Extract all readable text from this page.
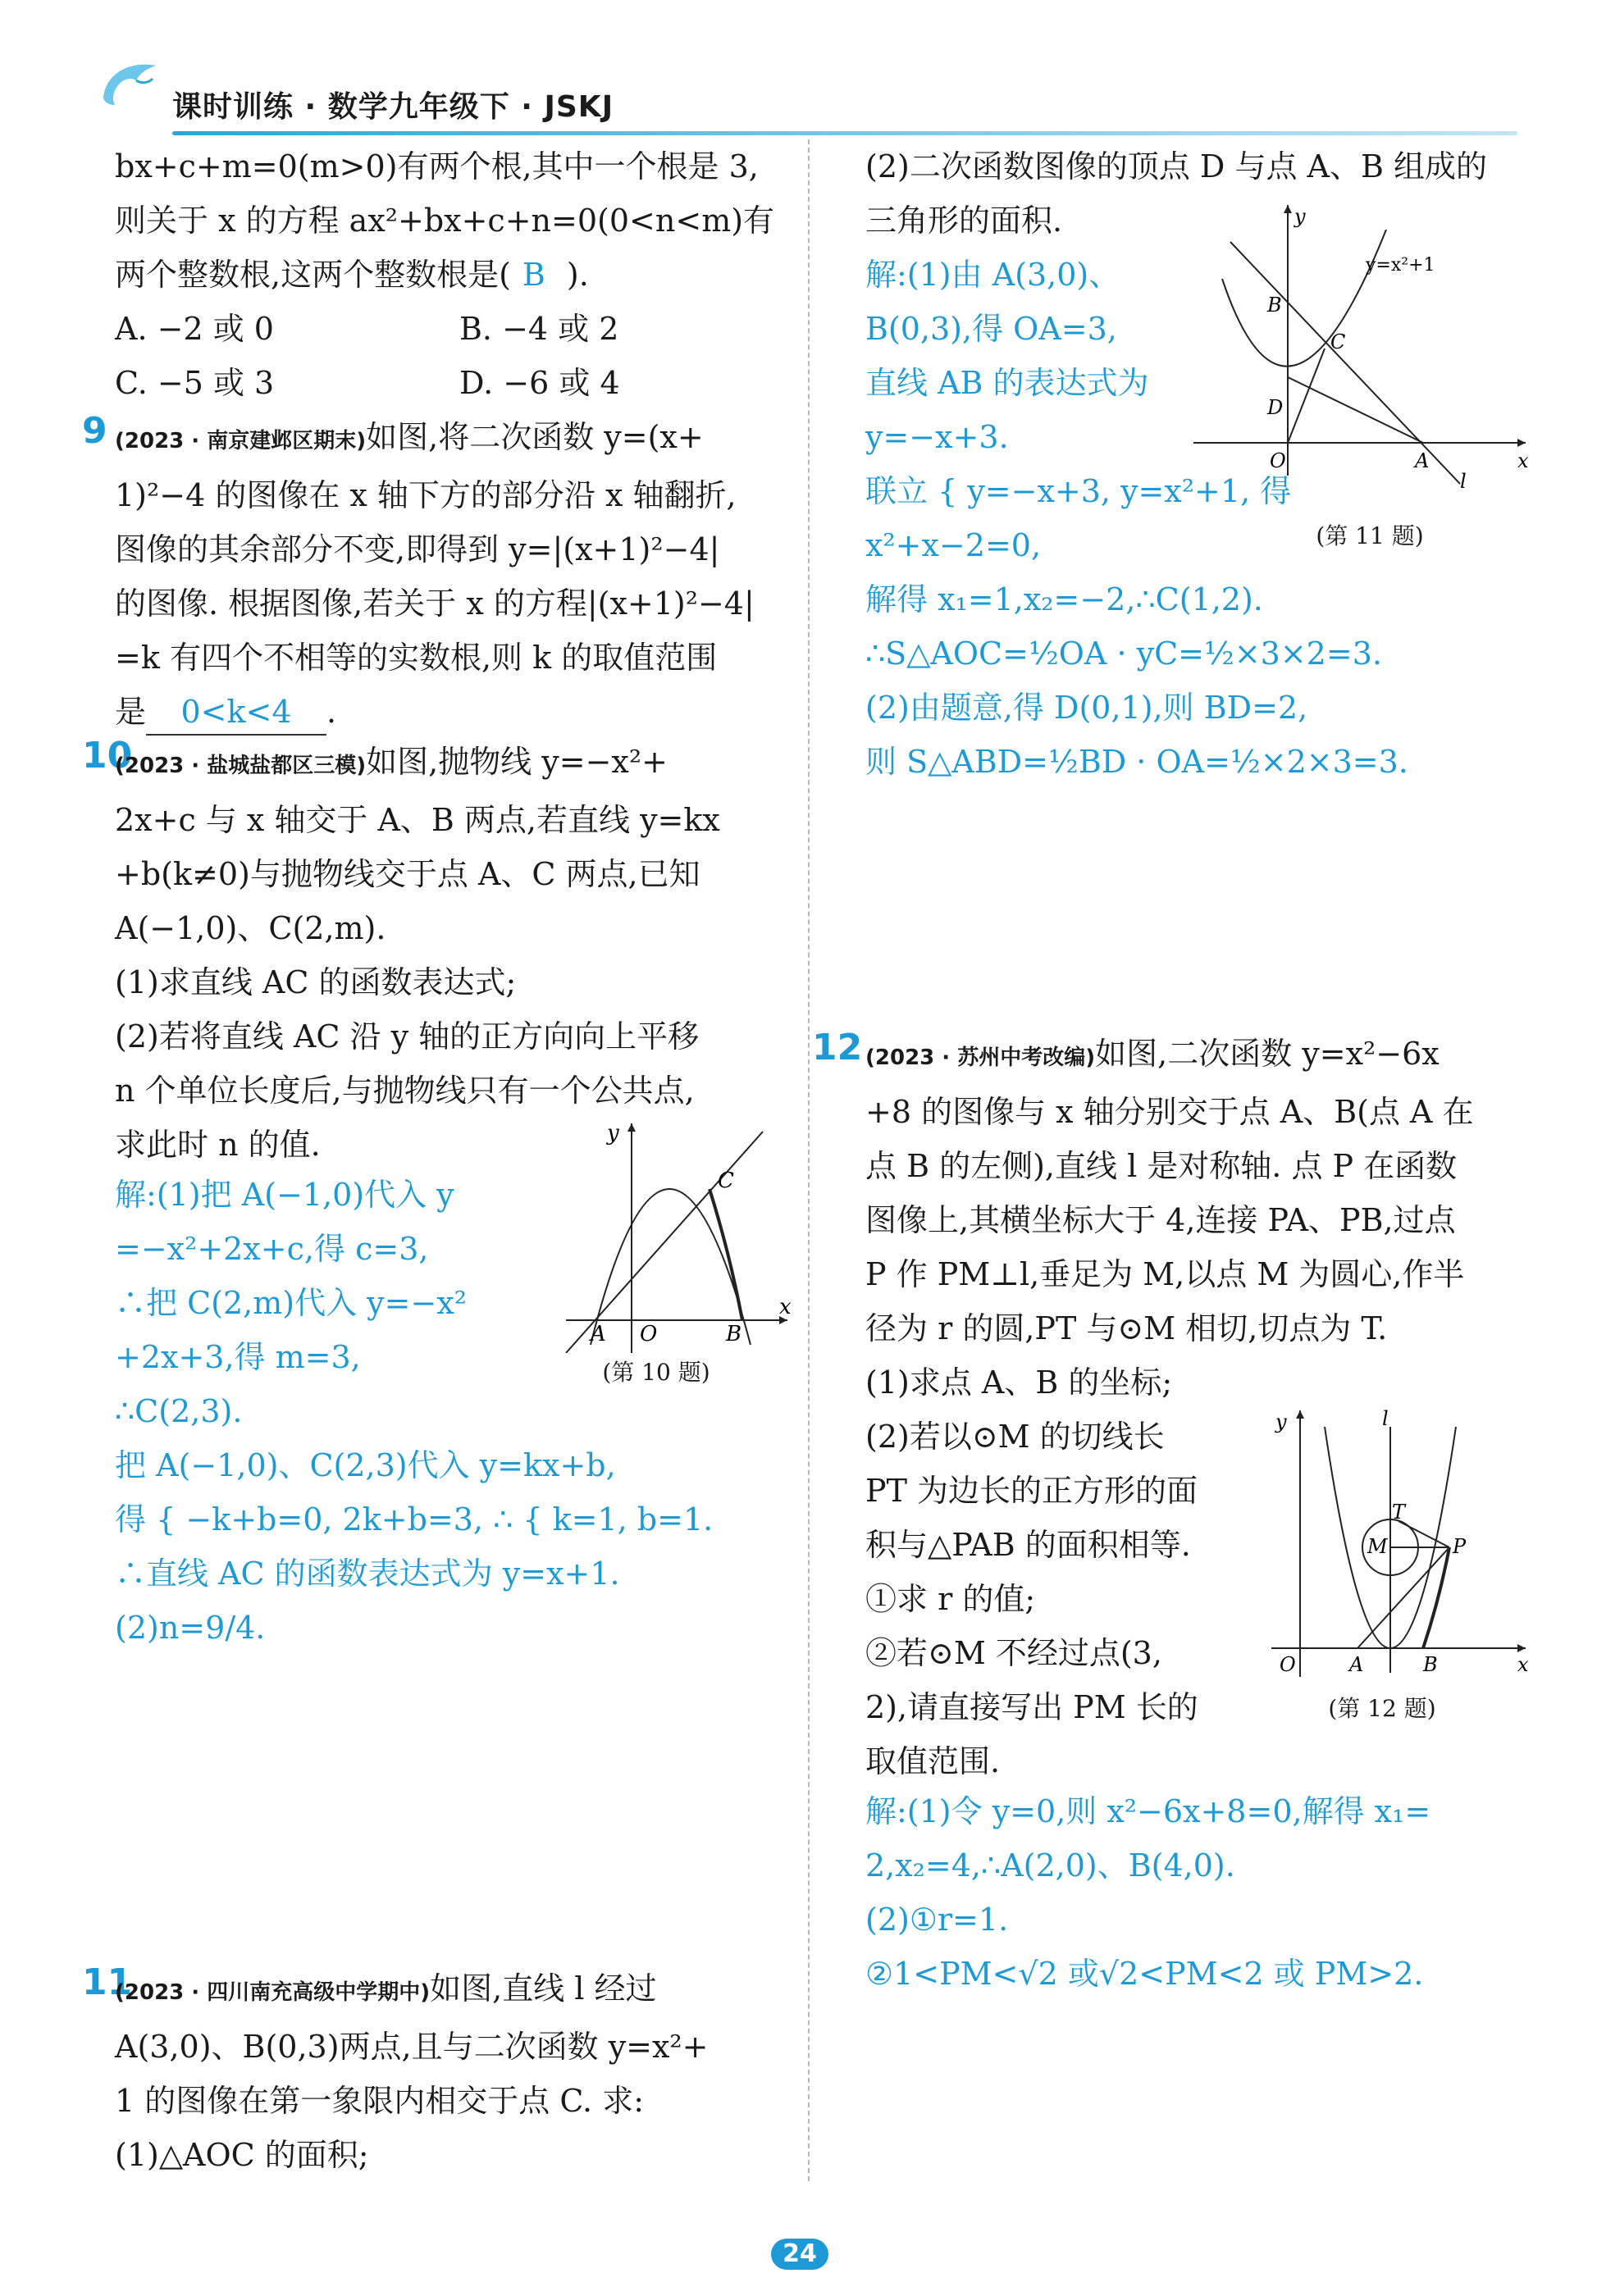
课时训练 · 数学九年级下 · JSKJ
bx+c+m=0(m>0)有两个根,其中一个根是 3,
则关于 x 的方程 ax²+bx+c+n=0(0<n<m)有
两个整数根,这两个整数根是( B ).
A. −2 或 0	B. −4 或 2
C. −5 或 3	D. −6 或 4
9 (2023 · 南京建邺区期末)如图,将二次函数 y=(x+
1)²−4 的图像在 x 轴下方的部分沿 x 轴翻折,
图像的其余部分不变,即得到 y=|(x+1)²−4|
的图像. 根据图像,若关于 x 的方程|(x+1)²−4|
=k 有四个不相等的实数根,则 k 的取值范围
是 0<k<4 .
10
(2023 · 盐城盐都区三模)如图,抛物线 y=−x²+
2x+c 与 x 轴交于 A、B 两点,若直线 y=kx
+b(k≠0)与抛物线交于点 A、C 两点,已知
A(−1,0)、C(2,m).
(1)求直线 AC 的函数表达式;
(2)若将直线 AC 沿 y 轴的正方向向上平移
n 个单位长度后,与抛物线只有一个公共点,
求此时 n 的值.
解:(1)把 A(−1,0)代入 y
=−x²+2x+c,得 c=3,
∴把 C(2,m)代入 y=−x²
+2x+3,得 m=3,
∴C(2,3).
把 A(−1,0)、C(2,3)代入 y=kx+b,
得 { −k+b=0, 2k+b=3, ∴ { k=1, b=1.
∴直线 AC 的函数表达式为 y=x+1.
(2)n=9/4.
y
x
A O	B
C
(第 10 题)
11
(2023 · 四川南充高级中学期中)如图,直线 l 经过
A(3,0)、B(0,3)两点,且与二次函数 y=x²+
1 的图像在第一象限内相交于点 C. 求:
(1)△AOC 的面积;
(2)二次函数图像的顶点 D 与点 A、B 组成的
三角形的面积.
解:(1)由 A(3,0)、
B(0,3),得 OA=3,
直线 AB 的表达式为
y=−x+3.
联立 { y=−x+3, y=x²+1, 得
x²+x−2=0,
解得 x₁=1,x₂=−2,∴C(1,2).
∴S△AOC=½OA · yC=½×3×2=3.
(2)由题意,得 D(0,1),则 BD=2,
则 S△ABD=½BD · OA=½×2×3=3.
y
x
O	A
B
C
D
l
y=x²+1
(第 11 题)
12 (2023 · 苏州中考改编)如图,二次函数 y=x²−6x
+8 的图像与 x 轴分别交于点 A、B(点 A 在
点 B 的左侧),直线 l 是对称轴. 点 P 在函数
图像上,其横坐标大于 4,连接 PA、PB,过点
P 作 PM⊥l,垂足为 M,以点 M 为圆心,作半
径为 r 的圆,PT 与⊙M 相切,切点为 T.
(1)求点 A、B 的坐标;
(2)若以⊙M 的切线长
PT 为边长的正方形的面
积与△PAB 的面积相等.
①求 r 的值;
②若⊙M 不经过点(3,
2),请直接写出 PM 长的
取值范围.
y
x
O	A	B
l
T
M	P
(第 12 题)
解:(1)令 y=0,则 x²−6x+8=0,解得 x₁=
2,x₂=4,∴A(2,0)、B(4,0).
(2)①r=1.
②1<PM<√2 或√2<PM<2 或 PM>2.
24
